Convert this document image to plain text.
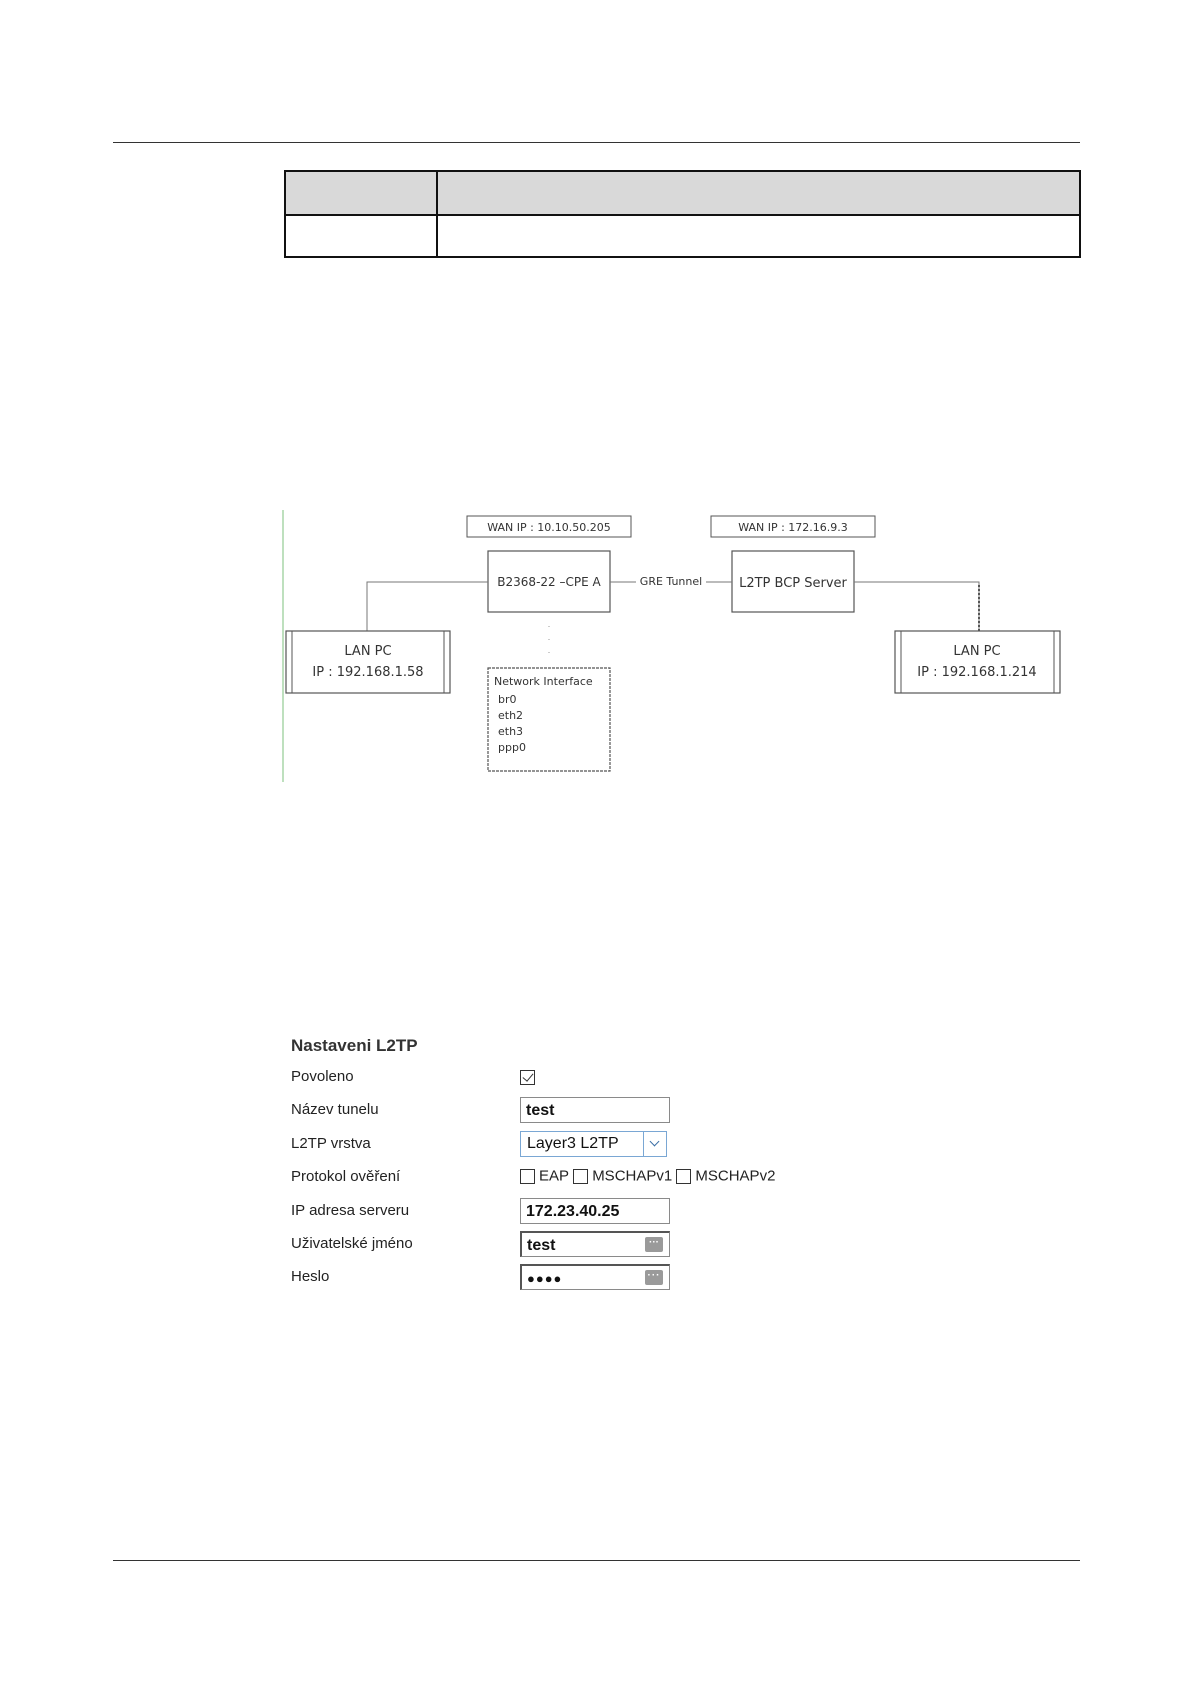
WAN IP : 10.10.50.205	WAN IP : 172.16.9.3
B2368-22 –CPE A	L2TP BCP Server
GRE Tunnel
LAN PC
IP : 192.168.1.58
LAN PC
IP : 192.168.1.214
Network Interface
br0
eth2
eth3
ppp0
Nastaveni L2TP
Povoleno
Název tunelu	test
L2TP vrstva	Layer3 L2TP
Protokol ověření	EAP MSCHAPv1 MSCHAPv2
IP adresa serveru	172.23.40.25
Uživatelské jméno	test	···
Heslo	●●●●	···
